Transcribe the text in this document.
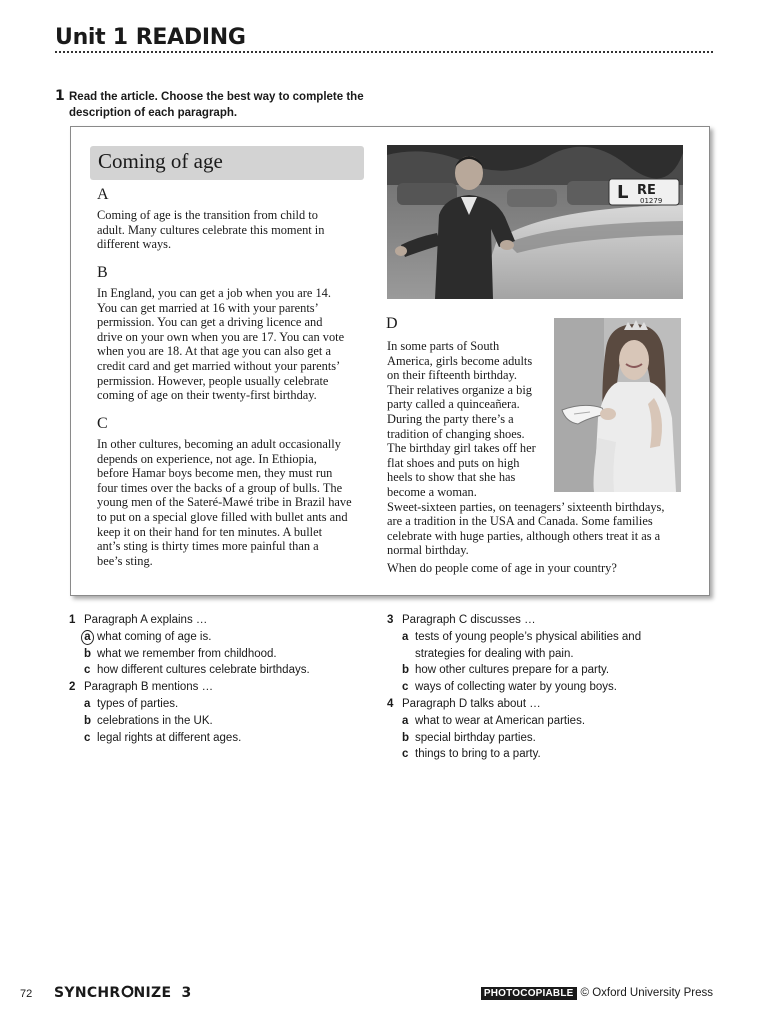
Unit 1 READING
1 Read the article. Choose the best way to complete the
description of each paragraph.
Coming of age
A
Coming of age is the transition from child to
adult. Many cultures celebrate this moment in
different ways.
B
In England, you can get a job when you are 14.
You can get married at 16 with your parents’
permission. You can get a driving licence and
drive on your own when you are 17. You can vote
when you are 18. At that age you can also get a
credit card and get married without your parents’
permission. However, people usually celebrate
coming of age on their twenty-first birthday.
C
In other cultures, becoming an adult occasionally
depends on experience, not age. In Ethiopia,
before Hamar boys become men, they must run
four times over the backs of a group of bulls. The
young men of the Sateré-Mawé tribe in Brazil have
to put on a special glove filled with bullet ants and
keep it on their hand for ten minutes. A bullet
ant’s sting is thirty times more painful than a
bee’s sting.
L RE
01279
D
In some parts of South
America, girls become adults
on their fifteenth birthday.
Their relatives organize a big
party called a quinceañera.
During the party there’s a
tradition of changing shoes.
The birthday girl takes off her
flat shoes and puts on high
heels to show that she has
become a woman.
Sweet-sixteen parties, on teenagers’ sixteenth birthdays,
are a tradition in the USA and Canada. Some families
celebrate with huge parties, although others treat it as a
normal birthday.
When do people come of age in your country?
1 Paragraph A explains …
a what coming of age is.
b what we remember from childhood.
c how different cultures celebrate birthdays.
2 Paragraph B mentions …
a types of parties.
b celebrations in the UK.
c legal rights at different ages.
3 Paragraph C discusses …
a tests of young people’s physical abilities and
strategies for dealing with pain.
b how other cultures prepare for a party.
c ways of collecting water by young boys.
4 Paragraph D talks about …
a what to wear at American parties.
b special birthday parties.
c things to bring to a party.
72 SYNCHR NIZE 3	PHOTOCOPIABLE © Oxford University Press
